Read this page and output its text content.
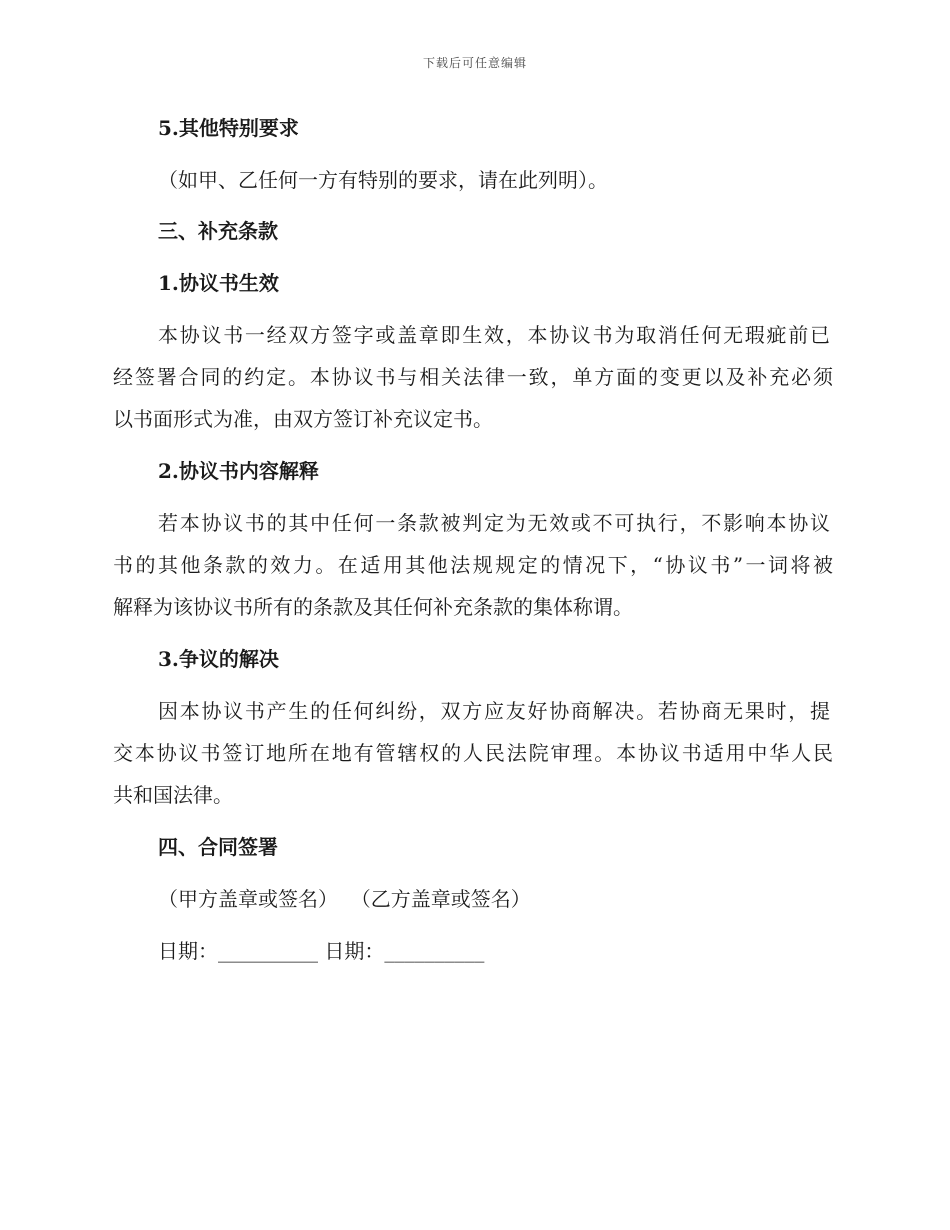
下载后可任意编辑
5.其他特别要求
（如甲、乙任何一方有特别的要求，请在此列明）。
三、补充条款
1.协议书生效
本协议书一经双方签字或盖章即生效，本协议书为取消任何无瑕疵前已
经签署合同的约定。本协议书与相关法律一致，单方面的变更以及补充必须
以书面形式为准，由双方签订补充议定书。
2.协议书内容解释
若本协议书的其中任何一条款被判定为无效或不可执行，不影响本协议
书的其他条款的效力。在适用其他法规规定的情况下，“协议书”一词将被
解释为该协议书所有的条款及其任何补充条款的集体称谓。
3.争议的解决
因本协议书产生的任何纠纷，双方应友好协商解决。若协商无果时，提
交本协议书签订地所在地有管辖权的人民法院审理。本协议书适用中华人民
共和国法律。
四、合同签署
（甲方盖章或签名）  （乙方盖章或签名）
日期：__________ 日期：__________
